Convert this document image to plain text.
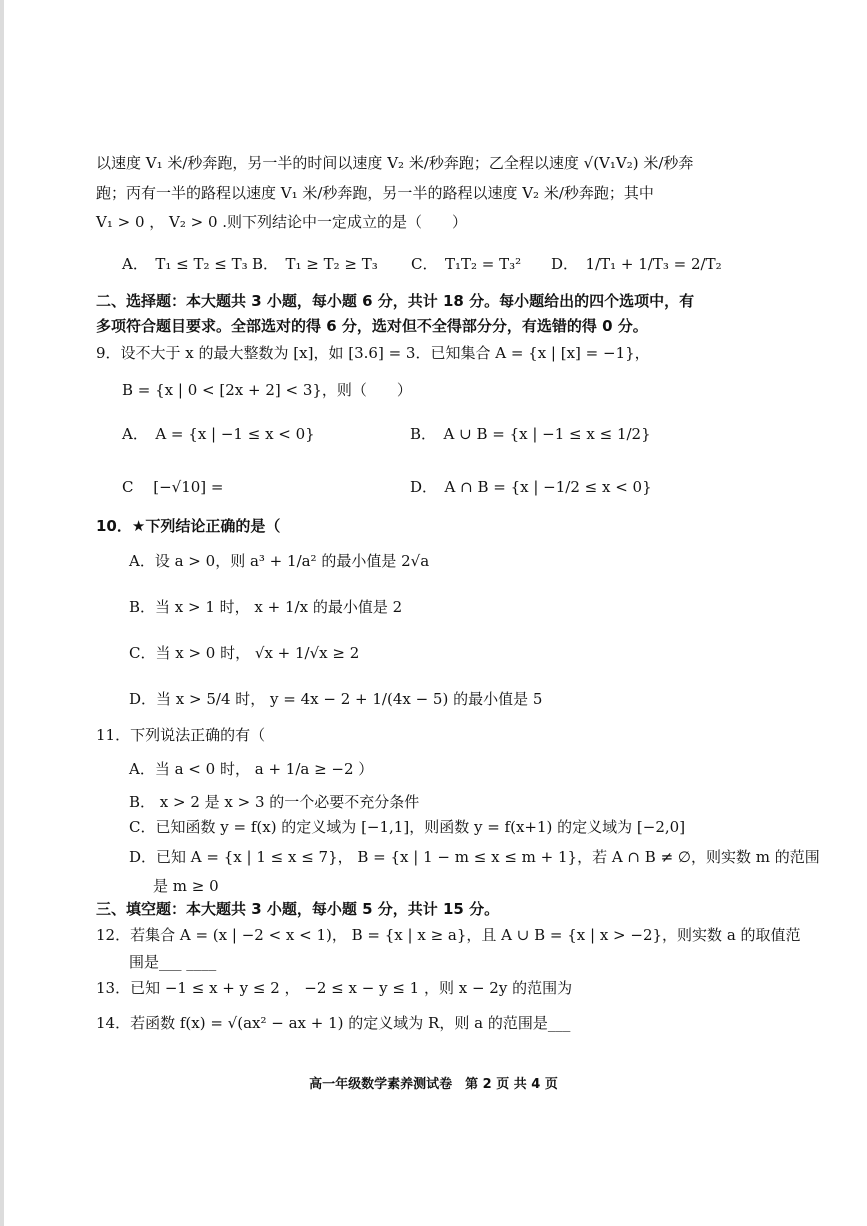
以速度 V₁ 米/秒奔跑，另一半的时间以速度 V₂ 米/秒奔跑；乙全程以速度 √(V₁V₂) 米/秒奔
跑；丙有一半的路程以速度 V₁ 米/秒奔跑，另一半的路程以速度 V₂ 米/秒奔跑；其中
V₁ > 0 ， V₂ > 0 .则下列结论中一定成立的是（　　）
A．　T₁ ≤ T₂ ≤ T₃ B．　T₁ ≥ T₂ ≥ T₃ C．　T₁T₂ = T₃² D．　1/T₁ + 1/T₃ = 2/T₂
二、选择题：本大题共 3 小题，每小题 6 分，共计 18 分。每小题给出的四个选项中，有
多项符合题目要求。全部选对的得 6 分，选对但不全得部分分，有选错的得 0 分。
9．设不大于 x 的最大整数为 [x]，如 [3.6] = 3．已知集合 A = {x | [x] = −1}，
B = {x | 0 < [2x + 2] < 3}，则（　　）
A．　A = {x | −1 ≤ x < 0}	B．　A ∪ B = {x | −1 ≤ x ≤ 1/2}
C　 [−√10] =	D．　A ∩ B = {x | −1/2 ≤ x < 0}
10．★下列结论正确的是（
A．设 a > 0，则 a³ + 1/a² 的最小值是 2√a
B．当 x > 1 时， x + 1/x 的最小值是 2
C．当 x > 0 时， √x + 1/√x ≥ 2
D．当 x > 5/4 时， y = 4x − 2 + 1/(4x − 5) 的最小值是 5
11．下列说法正确的有（
A．当 a < 0 时， a + 1/a ≥ −2 ）
B． x > 2 是 x > 3 的一个必要不充分条件
C．已知函数 y = f(x) 的定义域为 [−1,1]，则函数 y = f(x+1) 的定义域为 [−2,0]
D．已知 A = {x | 1 ≤ x ≤ 7}， B = {x | 1 − m ≤ x ≤ m + 1}，若 A ∩ B ≠ ∅，则实数 m 的范围
是 m ≥ 0
三、填空题：本大题共 3 小题，每小题 5 分，共计 15 分。
12．若集合 A = (x | −2 < x < 1)， B = {x | x ≥ a}，且 A ∪ B = {x | x > −2}，则实数 a 的取值范
围是___ ____
13．已知 −1 ≤ x + y ≤ 2 ， −2 ≤ x − y ≤ 1 ，则 x − 2y 的范围为
14．若函数 f(x) = √(ax² − ax + 1) 的定义域为 R，则 a 的范围是___
高一年级数学素养测试卷　第 2 页 共 4 页
